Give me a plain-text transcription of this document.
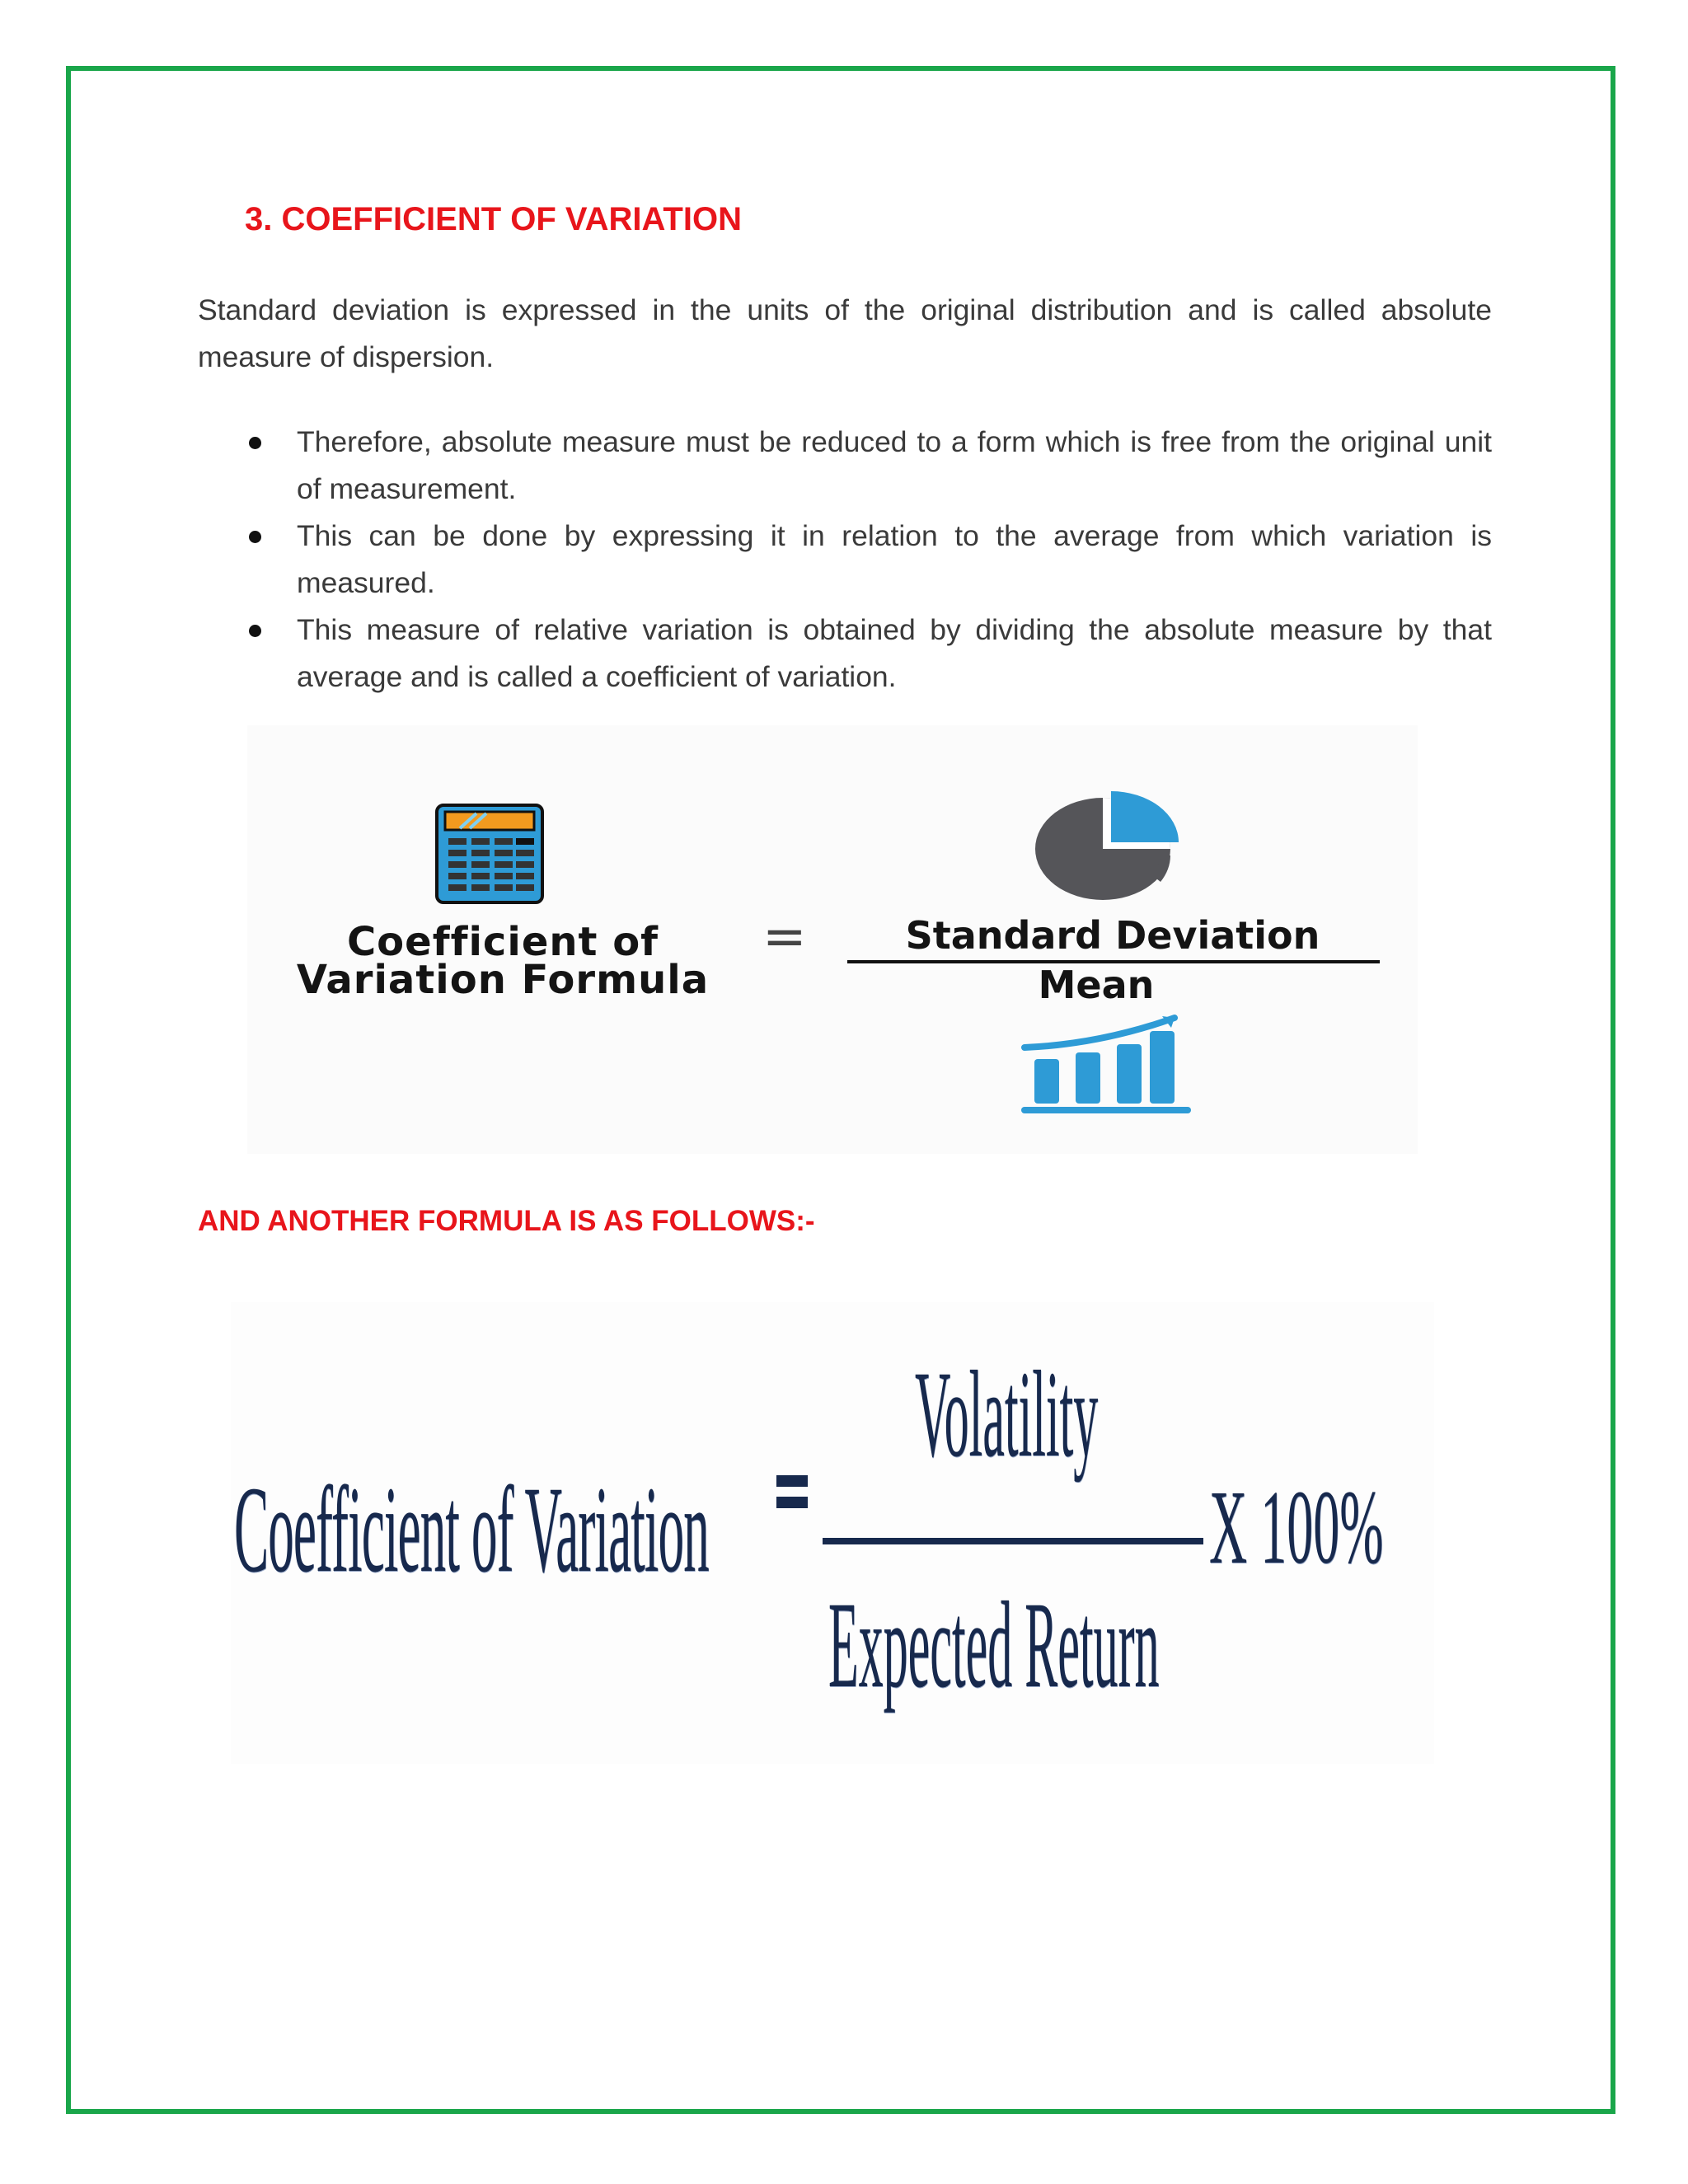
3. COEFFICIENT OF VARIATION
Standard deviation is expressed in the units of the original distribution and is called absolute measure of dispersion.
Therefore, absolute measure must be reduced to a form which is free from the original unit of measurement.
This can be done by expressing it in relation to the average from which variation is measured.
This measure of relative variation is obtained by dividing the absolute measure by that average and is called a coefficient of variation.
Coefficient of
Variation Formula
=	Standard Deviation
Mean
AND ANOTHER FORMULA IS AS FOLLOWS:-
Coefficient of Variation
Volatility
Expected Return
X 100%
